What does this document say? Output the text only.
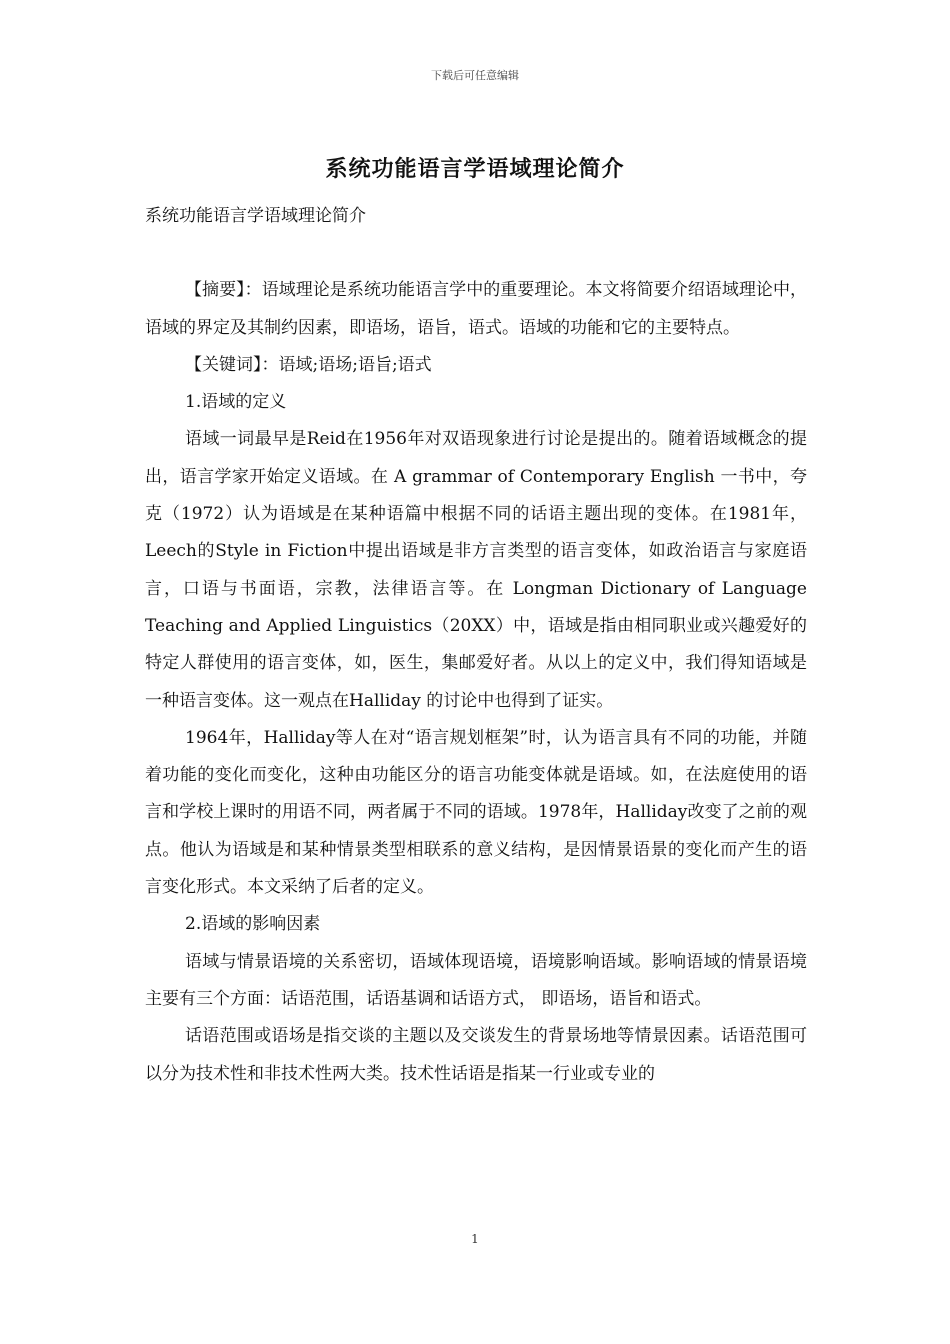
下载后可任意编辑
系统功能语言学语域理论简介

系统功能语言学语域理论简介

【摘要】：语域理论是系统功能语言学中的重要理论。本文将简要介绍语域理论中，语域的界定及其制约因素，即语场，语旨，语式。语域的功能和它的主要特点。

【关键词】：语域;语场;语旨;语式

1.语域的定义

语域一词最早是Reid在1956年对双语现象进行讨论是提出的。随着语域概念的提出，语言学家开始定义语域。在 A grammar of Contemporary English 一书中，夸克（1972）认为语域是在某种语篇中根据不同的话语主题出现的变体。在1981年，Leech的Style in Fiction中提出语域是非方言类型的语言变体，如政治语言与家庭语言，口语与书面语，宗教，法律语言等。在 Longman Dictionary of Language Teaching and Applied Linguistics（20XX）中，语域是指由相同职业或兴趣爱好的特定人群使用的语言变体，如，医生，集邮爱好者。从以上的定义中，我们得知语域是一种语言变体。这一观点在Halliday 的讨论中也得到了证实。

1964年，Halliday等人在对“语言规划框架”时，认为语言具有不同的功能，并随着功能的变化而变化，这种由功能区分的语言功能变体就是语域。如，在法庭使用的语言和学校上课时的用语不同，两者属于不同的语域。1978年，Halliday改变了之前的观点。他认为语域是和某种情景类型相联系的意义结构，是因情景语景的变化而产生的语言变化形式。本文采纳了后者的定义。

2.语域的影响因素

语域与情景语境的关系密切，语域体现语境，语境影响语域。影响语域的情景语境主要有三个方面：话语范围，话语基调和话语方式， 即语场，语旨和语式。

话语范围或语场是指交谈的主题以及交谈发生的背景场地等情景因素。话语范围可以分为技术性和非技术性两大类。技术性话语是指某一行业或专业的

1
